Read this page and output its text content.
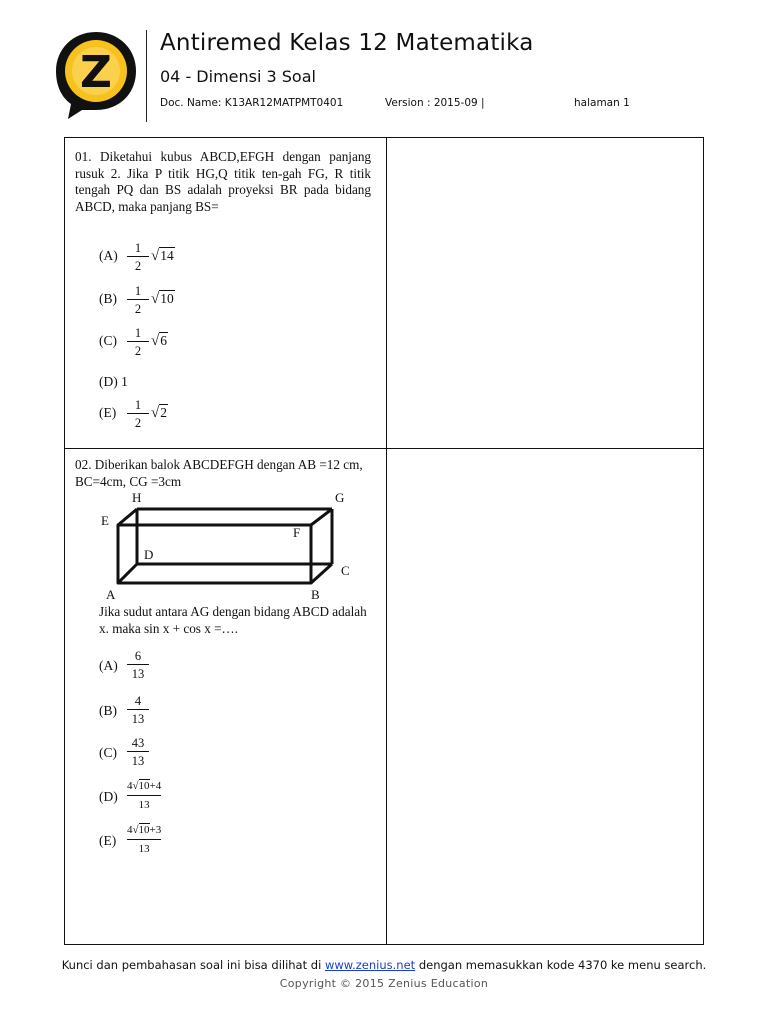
Z
Antiremed Kelas 12 Matematika
04 - Dimensi 3 Soal
Doc. Name: K13AR12MATPMT0401	Version : 2015-09 |	halaman 1
01. Diketahui kubus ABCD,EFGH dengan panjang rusuk 2. Jika P titik HG,Q titik ten-gah FG, R titik tengah PQ dan BS adalah proyeksi BR pada bidang ABCD, maka panjang BS=
(A)	1
2
√14
(B)	1
2
√10
(C)	1
2
√6
(D) 1
(E)	1
2
√2
02. Diberikan balok ABCDEFGH dengan AB =12 cm, BC=4cm, CG =3cm
H	G
E
F
D
C
A	B
Jika sudut antara AG dengan bidang ABCD adalah x. maka sin x + cos x =….
(A)
6
13
(B)
4
13
(C)
43
13
(D)
4√10+4
13
(E)
4√10+3
13
Kunci dan pembahasan soal ini bisa dilihat di www.zenius.net dengan memasukkan kode 4370 ke menu search.
Copyright © 2015 Zenius Education
